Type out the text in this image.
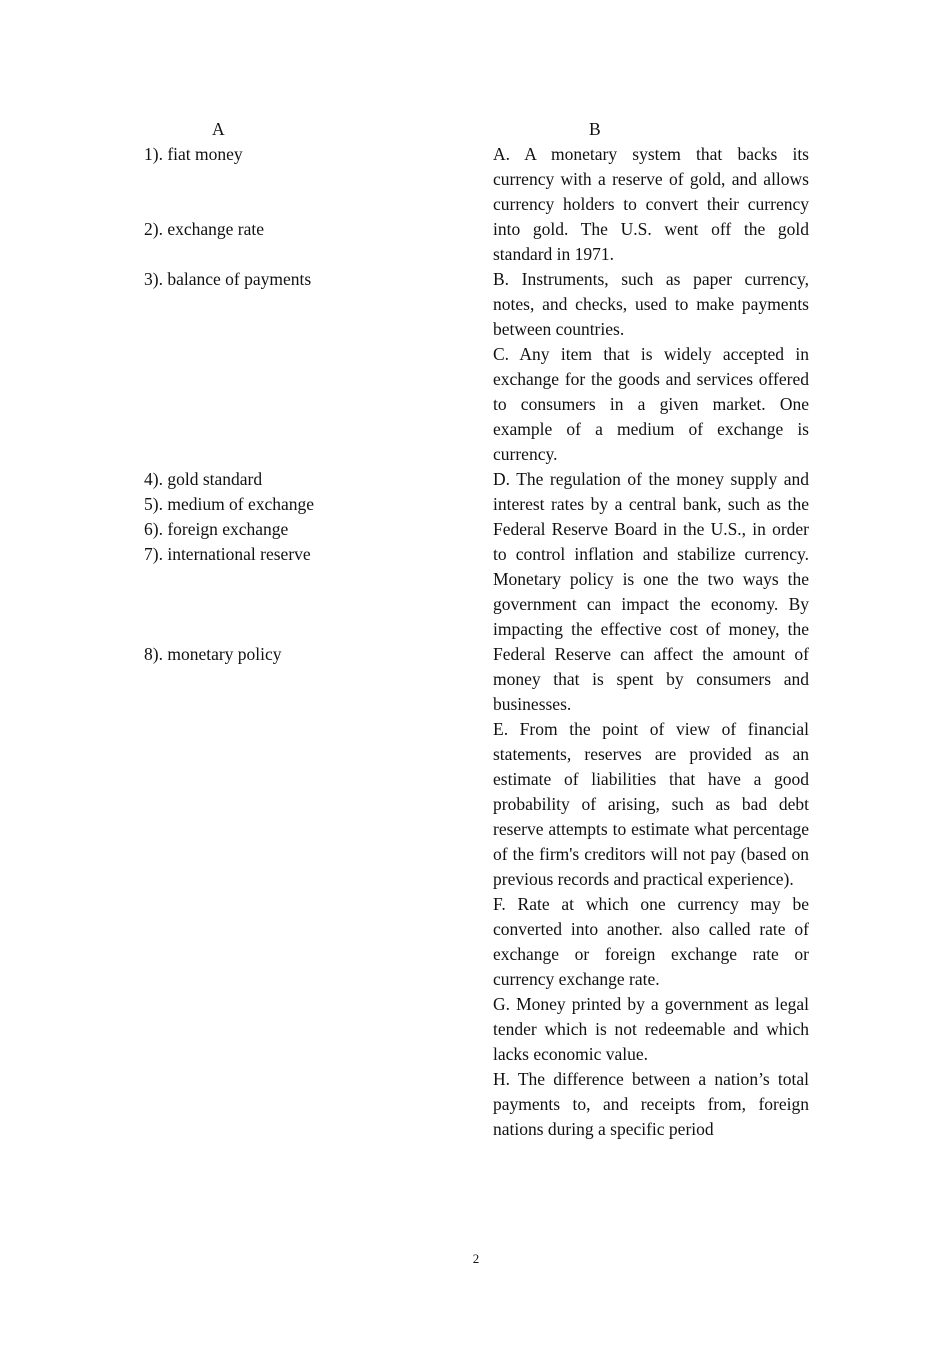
A	B
1). fiat money
2). exchange rate
3). balance of payments
4). gold standard
5). medium of exchange
6). foreign exchange
7). international reserve
8). monetary policy

A. A monetary system that backs its currency with a reserve of gold, and allows currency holders to convert their currency into gold. The U.S. went off the gold standard in 1971.

B. Instruments, such as paper currency, notes, and checks, used to make payments between countries.

C. Any item that is widely accepted in exchange for the goods and services offered to consumers in a given market. One example of a medium of exchange is currency.

D. The regulation of the money supply and interest rates by a central bank, such as the Federal Reserve Board in the U.S., in order to control inflation and stabilize currency. Monetary policy is one the two ways the government can impact the economy. By impacting the effective cost of money, the Federal Reserve can affect the amount of money that is spent by consumers and businesses.

E. From the point of view of financial statements, reserves are provided as an estimate of liabilities that have a good probability of arising, such as bad debt reserve attempts to estimate what percentage of the firm's creditors will not pay (based on previous records and practical experience).

F. Rate at which one currency may be converted into another. also called rate of exchange or foreign exchange rate or currency exchange rate.

G. Money printed by a government as legal tender which is not redeemable and which lacks economic value.

H. The difference between a nation’s total payments to, and receipts from, foreign nations during a specific period

2
